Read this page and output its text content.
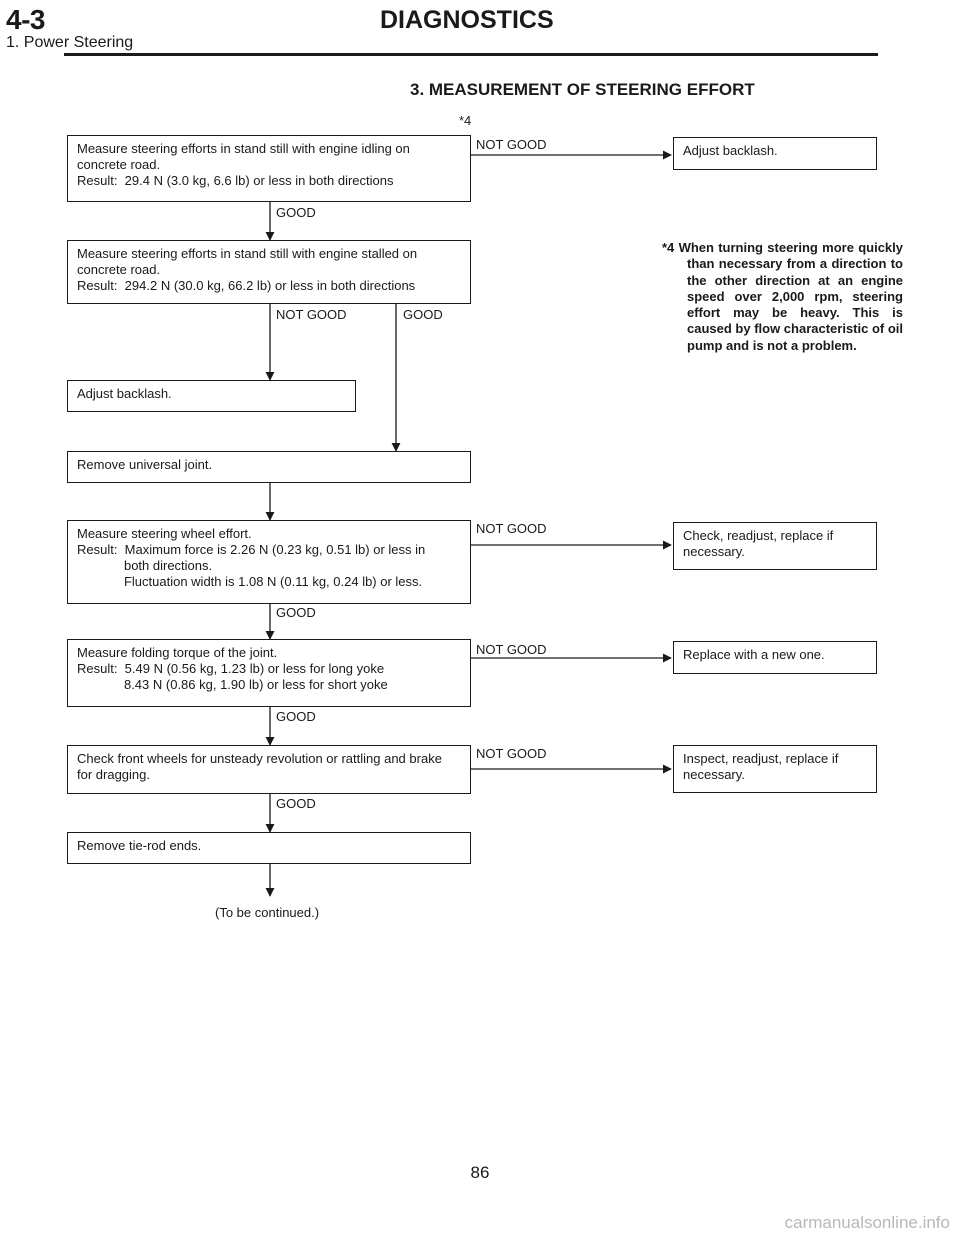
4-3	DIAGNOSTICS
1. Power Steering
3. MEASUREMENT OF STEERING EFFORT
Measure steering efforts in stand still with engine idling on
concrete road.
Result:  29.4 N (3.0 kg, 6.6 lb) or less in both directions
Measure steering efforts in stand still with engine stalled on
concrete road.
Result:  294.2 N (30.0 kg, 66.2 lb) or less in both directions
Adjust backlash.
Remove universal joint.
Measure steering wheel effort.
Result:  Maximum force is 2.26 N (0.23 kg, 0.51 lb) or less in
both directions.
Fluctuation width is 1.08 N (0.11 kg, 0.24 lb) or less.
Measure folding torque of the joint.
Result:  5.49 N (0.56 kg, 1.23 lb) or less for long yoke
8.43 N (0.86 kg, 1.90 lb) or less for short yoke
Check front wheels for unsteady revolution or rattling and brake
for dragging.
Remove tie-rod ends.
Adjust backlash.
Check, readjust, replace if
necessary.
Replace with a new one.
Inspect, readjust, replace if
necessary.
*4
NOT GOOD
GOOD
NOT GOOD	GOOD
NOT GOOD
GOOD
NOT GOOD
GOOD
NOT GOOD
GOOD
*4 When turning steering more quickly than necessary from a direction to the other direction at an engine speed over 2,000 rpm, steering effort may be heavy. This is caused by flow characteristic of oil pump and is not a problem.
(To be continued.)
86
carmanualsonline.info
